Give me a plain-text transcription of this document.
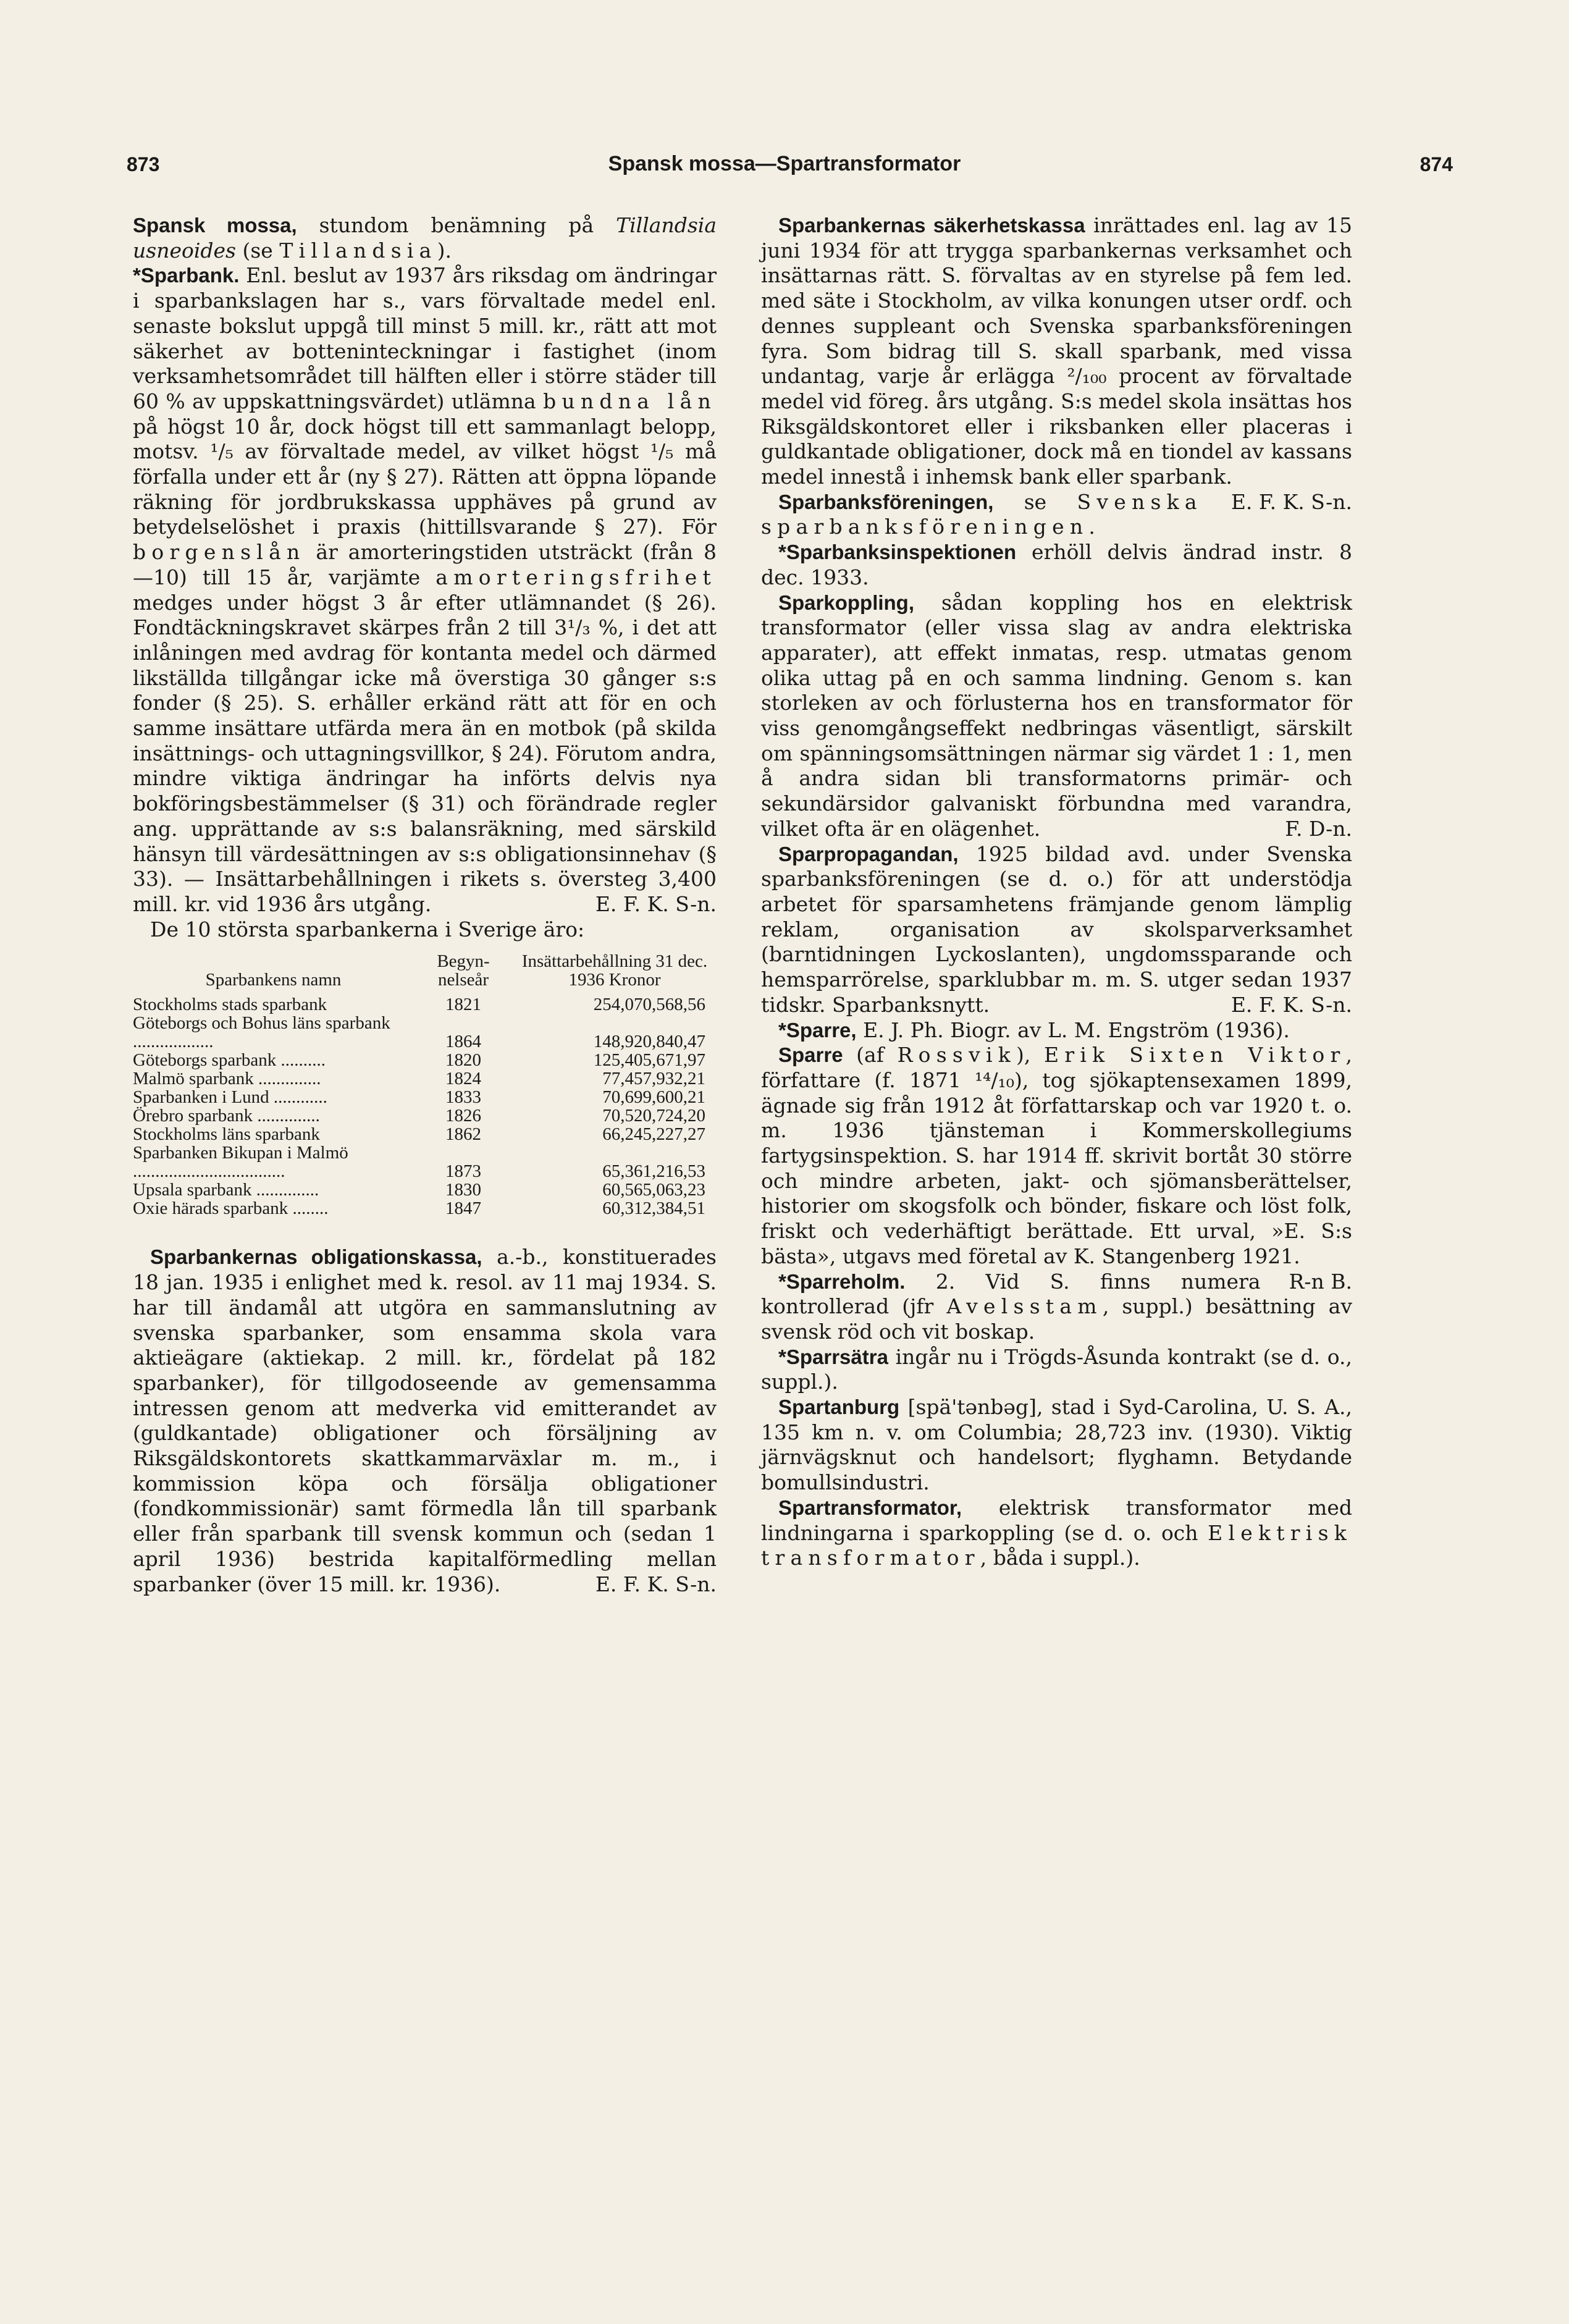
873	Spansk mossa—Spartransformator	874

Spansk mossa, stundom benämning på Tillandsia usneoides (se Tillandsia).

*Sparbank. Enl. beslut av 1937 års riksdag om ändringar i sparbankslagen har s., vars förvaltade medel enl. senaste bokslut uppgå till minst 5 mill. kr., rätt att mot säkerhet av botteninteckningar i fastighet (inom verksamhetsområdet till hälften eller i större städer till 60 % av uppskattningsvärdet) utlämna bundna lån på högst 10 år, dock högst till ett sammanlagt belopp, motsv. ¹/₅ av förvaltade medel, av vilket högst ¹/₅ må förfalla under ett år (ny § 27). Rätten att öppna löpande räkning för jordbrukskassa upphäves på grund av betydelselöshet i praxis (hittillsvarande § 27). För borgenslån är amorteringstiden utsträckt (från 8—10) till 15 år, varjämte amorteringsfrihet medges under högst 3 år efter utlämnandet (§ 26). Fondtäckningskravet skärpes från 2 till 3¹/₃ %, i det att inlåningen med avdrag för kontanta medel och därmed likställda tillgångar icke må överstiga 30 gånger s:s fonder (§ 25). S. erhåller erkänd rätt att för en och samme insättare utfärda mera än en motbok (på skilda insättnings- och uttagningsvillkor, § 24). Förutom andra, mindre viktiga ändringar ha införts delvis nya bokföringsbestämmelser (§ 31) och förändrade regler ang. upprättande av s:s balansräkning, med särskild hänsyn till värdesättningen av s:s obligationsinnehav (§ 33). — Insättarbehållningen i rikets s. översteg 3,400 mill. kr. vid 1936 års utgång.	E. F. K. S-n.

De 10 största sparbankerna i Sverige äro:

Sparbankens namn	Begyn-nelseår	Insättarbehållning 31 dec. 1936 Kronor
Stockholms stads sparbank	1821	254,070,568,56
Göteborgs och Bohus läns sparbank ..................	1864	148,920,840,47
Göteborgs sparbank ..........	1820	125,405,671,97
Malmö sparbank ..............	1824	77,457,932,21
Sparbanken i Lund ............	1833	70,699,600,21
Örebro sparbank ..............	1826	70,520,724,20
Stockholms läns sparbank	1862	66,245,227,27
Sparbanken Bikupan i Malmö ..................................	1873	65,361,216,53
Upsala sparbank ..............	1830	60,565,063,23
Oxie härads sparbank ........	1847	60,312,384,51

Sparbankernas obligationskassa, a.-b., konstituerades 18 jan. 1935 i enlighet med k. resol. av 11 maj 1934. S. har till ändamål att utgöra en sammanslutning av svenska sparbanker, som ensamma skola vara aktieägare (aktiekap. 2 mill. kr., fördelat på 182 sparbanker), för tillgodoseende av gemensamma intressen genom att medverka vid emitterandet av (guldkantade) obligationer och försäljning av Riksgäldskontorets skattkammarväxlar m. m., i kommission köpa och försälja obligationer (fondkommissionär) samt förmedla lån till sparbank eller från sparbank till svensk kommun och (sedan 1 april 1936) bestrida kapitalförmedling mellan sparbanker (över 15 mill. kr. 1936).	E. F. K. S-n.

Sparbankernas säkerhetskassa inrättades enl. lag av 15 juni 1934 för att trygga sparbankernas verksamhet och insättarnas rätt. S. förvaltas av en styrelse på fem led. med säte i Stockholm, av vilka konungen utser ordf. och dennes suppleant och Svenska sparbanksföreningen fyra. Som bidrag till S. skall sparbank, med vissa undantag, varje år erlägga ²/₁₀₀ procent av förvaltade medel vid föreg. års utgång. S:s medel skola insättas hos Riksgäldskontoret eller i riksbanken eller placeras i guldkantade obligationer, dock må en tiondel av kassans medel innestå i inhemsk bank eller sparbank.
E. F. K. S-n.

Sparbanksföreningen, se Svenska sparbanksföreningen.

*Sparbanksinspektionen erhöll delvis ändrad instr. 8 dec. 1933.

Sparkoppling, sådan koppling hos en elektrisk transformator (eller vissa slag av andra elektriska apparater), att effekt inmatas, resp. utmatas genom olika uttag på en och samma lindning. Genom s. kan storleken av och förlusterna hos en transformator för viss genomgångseffekt nedbringas väsentligt, särskilt om spänningsomsättningen närmar sig värdet 1 : 1, men å andra sidan bli transformatorns primär- och sekundärsidor galvaniskt förbundna med varandra, vilket ofta är en olägenhet.	F. D-n.

Sparpropagandan, 1925 bildad avd. under Svenska sparbanksföreningen (se d. o.) för att understödja arbetet för sparsamhetens främjande genom lämplig reklam, organisation av skolsparverksamhet (barntidningen Lyckoslanten), ungdomssparande och hemsparrörelse, sparklubbar m. m. S. utger sedan 1937 tidskr. Sparbanksnytt.	E. F. K. S-n.

*Sparre, E. J. Ph. Biogr. av L. M. Engström (1936).

Sparre (af Rossvik), Erik Sixten Viktor, författare (f. 1871 ¹⁴/₁₀), tog sjökaptensexamen 1899, ägnade sig från 1912 åt författarskap och var 1920 t. o. m. 1936 tjänsteman i Kommerskollegiums fartygsinspektion. S. har 1914 ff. skrivit bortåt 30 större och mindre arbeten, jakt- och sjömansberättelser, historier om skogsfolk och bönder, fiskare och löst folk, friskt och vederhäftigt berättade. Ett urval, »E. S:s bästa», utgavs med företal av K. Stangenberg 1921.
R-n B.

*Sparreholm. 2. Vid S. finns numera kontrollerad (jfr Avelsstam, suppl.) besättning av svensk röd och vit boskap.

*Sparrsätra ingår nu i Trögds-Åsunda kontrakt (se d. o., suppl.).

Spartanburg [spä'tənbəg], stad i Syd-Carolina, U. S. A., 135 km n. v. om Columbia; 28,723 inv. (1930). Viktig järnvägsknut och handelsort; flyghamn. Betydande bomullsindustri.

Spartransformator, elektrisk transformator med lindningarna i sparkoppling (se d. o. och Elektrisk transformator, båda i suppl.).
